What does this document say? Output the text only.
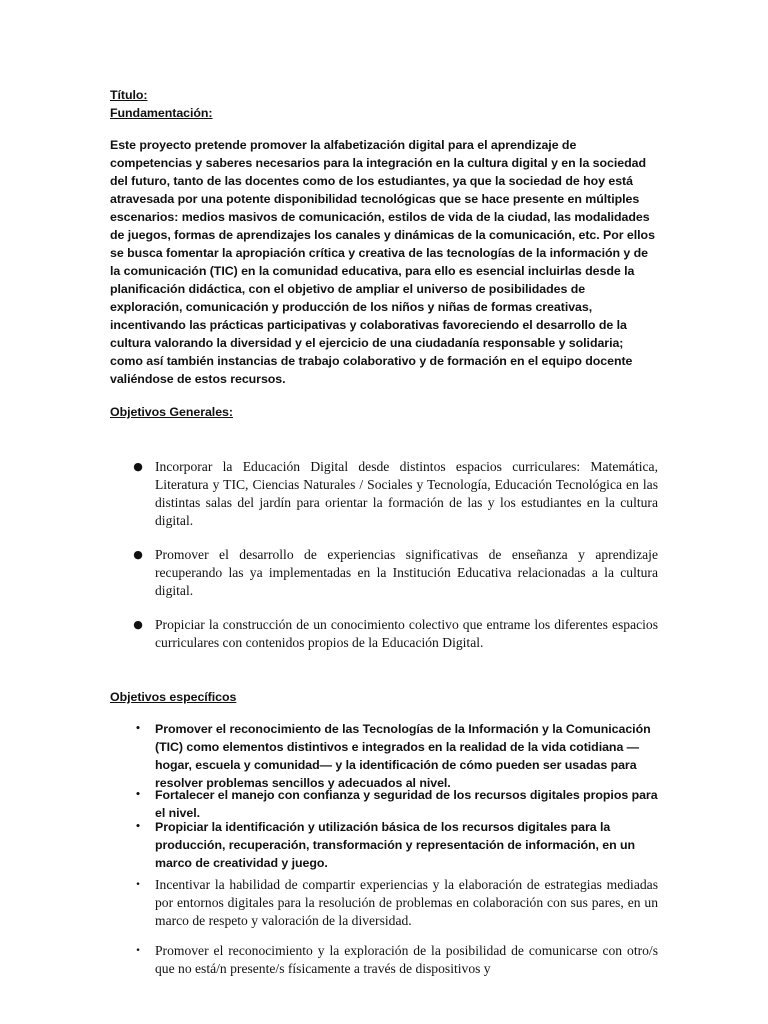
Título:
Fundamentación:

Este proyecto pretende promover la alfabetización digital para el aprendizaje de competencias y saberes necesarios para la integración en la cultura digital y en la sociedad del futuro, tanto de las docentes como de los estudiantes, ya que la sociedad de hoy está atravesada por una potente disponibilidad tecnológicas que se hace presente en múltiples escenarios: medios masivos de comunicación, estilos de vida de la ciudad, las modalidades de juegos, formas de aprendizajes los canales y dinámicas de la comunicación, etc. Por ellos se busca fomentar la apropiación crítica y creativa de las tecnologías de la información y de la comunicación (TIC) en la comunidad educativa, para ello es esencial incluirlas desde la planificación didáctica, con el objetivo de ampliar el universo de posibilidades de exploración, comunicación y producción de los niños y niñas de formas creativas, incentivando las prácticas participativas y colaborativas favoreciendo el desarrollo de la cultura valorando la diversidad y el ejercicio de una ciudadanía responsable y solidaria; como así también instancias de trabajo colaborativo y de formación en el equipo docente valiéndose de estos recursos.

Objetivos Generales:
● Incorporar la Educación Digital desde distintos espacios curriculares: Matemática, Literatura y TIC, Ciencias Naturales / Sociales y Tecnología, Educación Tecnológica en las distintas salas del jardín para orientar la formación de las y los estudiantes en la cultura digital.

● Promover el desarrollo de experiencias significativas de enseñanza y aprendizaje recuperando las ya implementadas en la Institución Educativa relacionadas a la cultura digital.

● Propiciar la construcción de un conocimiento colectivo que entrame los diferentes espacios curriculares con contenidos propios de la Educación Digital.

Objetivos específicos
•	Promover el reconocimiento de las Tecnologías de la Información y la Comunicación (TIC) como elementos distintivos e integrados en la realidad de la vida cotidiana — hogar, escuela y comunidad— y la identificación de cómo pueden ser usadas para resolver problemas sencillos y adecuados al nivel.

•	Fortalecer el manejo con confianza y seguridad de los recursos digitales propios para el nivel.

•	Propiciar la identificación y utilización básica de los recursos digitales para la producción, recuperación, transformación y representación de información, en un marco de creatividad y juego.

•	Incentivar la habilidad de compartir experiencias y la elaboración de estrategias mediadas por entornos digitales para la resolución de problemas en colaboración con sus pares, en un marco de respeto y valoración de la diversidad.

•	Promover el reconocimiento y la exploración de la posibilidad de comunicarse con otro/s que no está/n presente/s físicamente a través de dispositivos y
